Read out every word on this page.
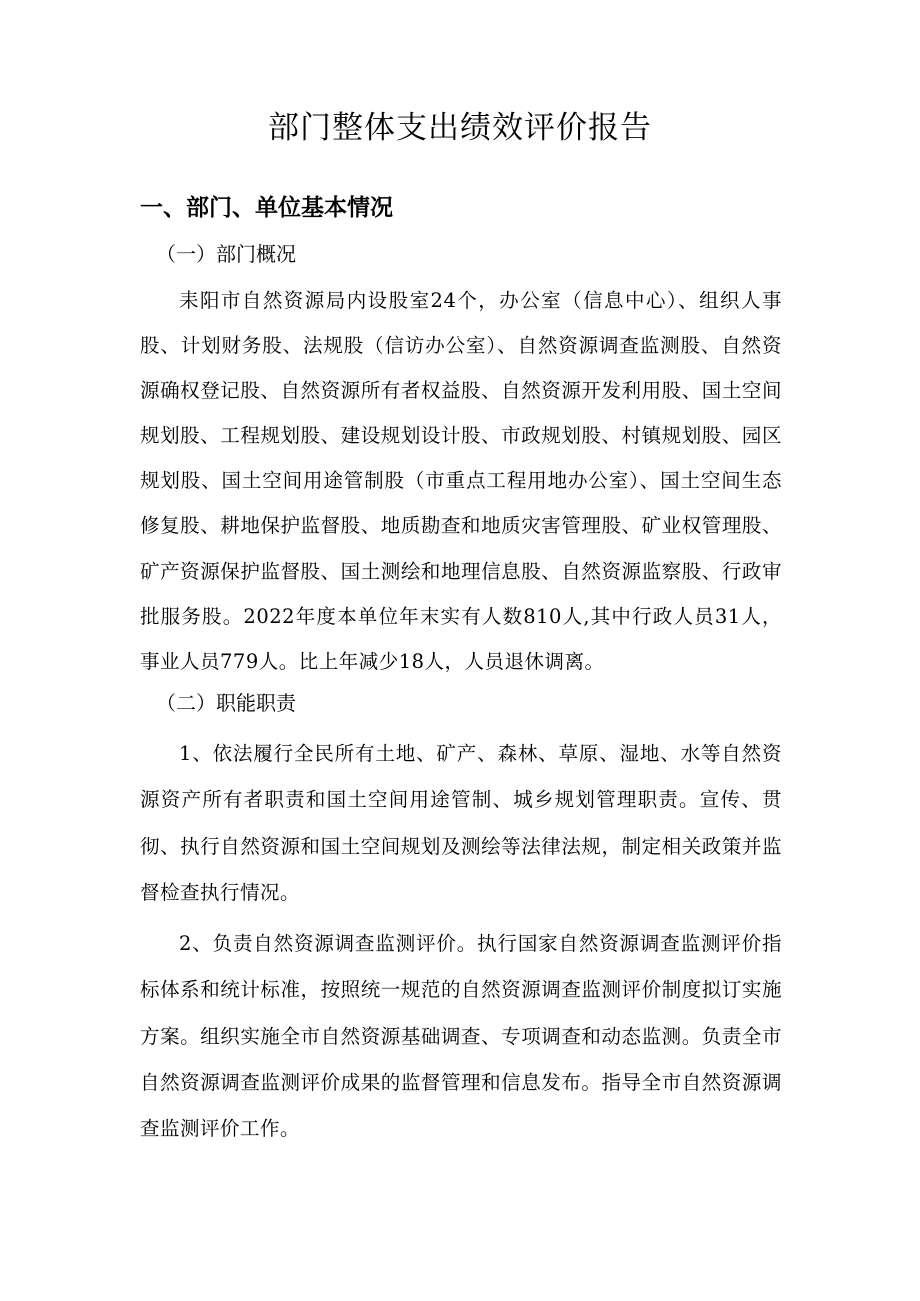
部门整体支出绩效评价报告
一、部门、单位基本情况
（一）部门概况

耒阳市自然资源局内设股室24个，办公室（信息中心）、组织人事股、计划财务股、法规股（信访办公室）、自然资源调查监测股、自然资源确权登记股、自然资源所有者权益股、自然资源开发利用股、国土空间规划股、工程规划股、建设规划设计股、市政规划股、村镇规划股、园区规划股、国土空间用途管制股（市重点工程用地办公室）、国土空间生态修复股、耕地保护监督股、地质勘查和地质灾害管理股、矿业权管理股、矿产资源保护监督股、国土测绘和地理信息股、自然资源监察股、行政审批服务股。2022年度本单位年末实有人数810人,其中行政人员31人，事业人员779人。比上年减少18人，人员退休调离。

（二）职能职责

1、依法履行全民所有土地、矿产、森林、草原、湿地、水等自然资源资产所有者职责和国土空间用途管制、城乡规划管理职责。宣传、贯彻、执行自然资源和国土空间规划及测绘等法律法规，制定相关政策并监督检查执行情况。

2、负责自然资源调查监测评价。执行国家自然资源调查监测评价指标体系和统计标准，按照统一规范的自然资源调查监测评价制度拟订实施方案。组织实施全市自然资源基础调查、专项调查和动态监测。负责全市自然资源调查监测评价成果的监督管理和信息发布。指导全市自然资源调查监测评价工作。
